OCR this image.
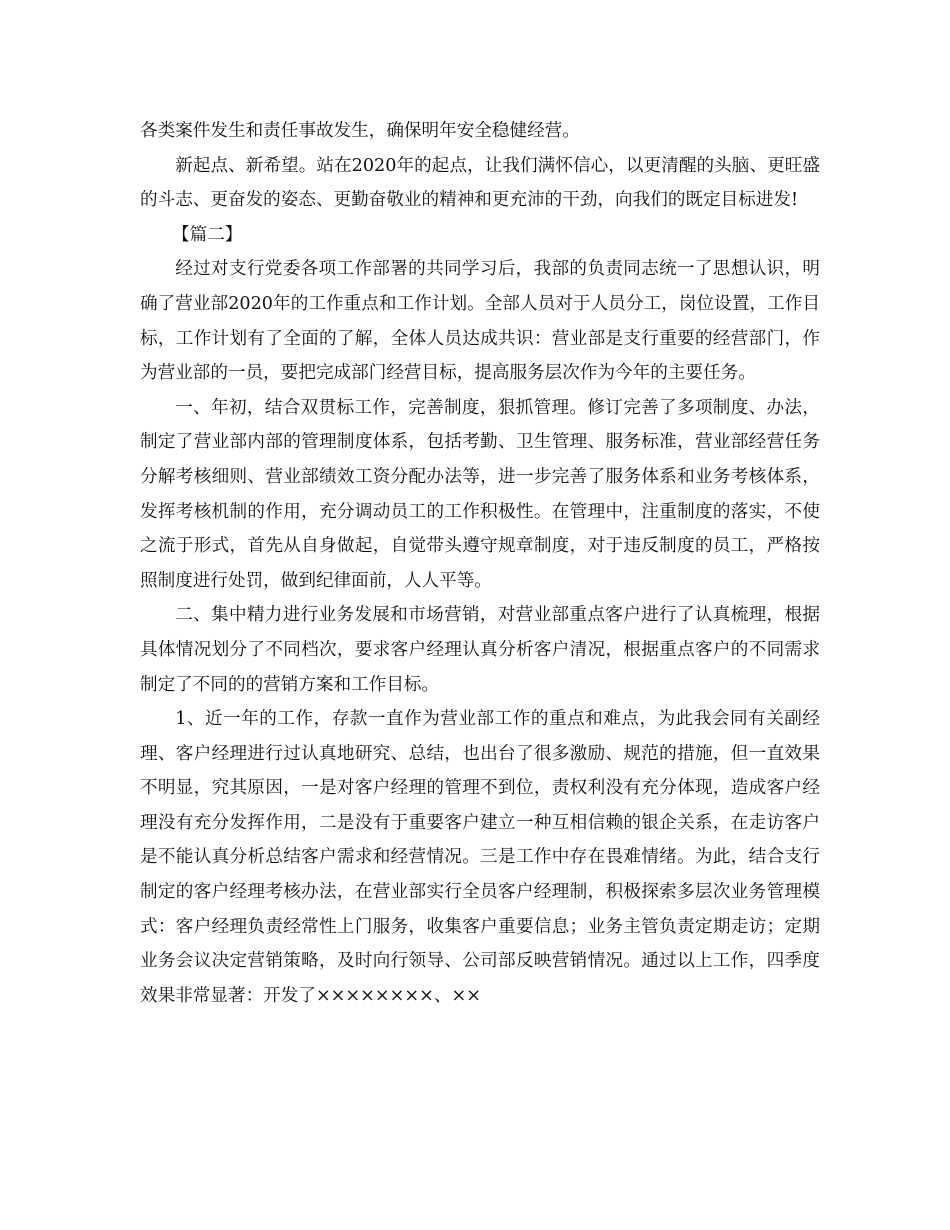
各类案件发生和责任事故发生，确保明年安全稳健经营。

新起点、新希望。站在2020年的起点，让我们满怀信心，以更清醒的头脑、更旺盛的斗志、更奋发的姿态、更勤奋敬业的精神和更充沛的干劲，向我们的既定目标进发!

【篇二】

经过对支行党委各项工作部署的共同学习后，我部的负责同志统一了思想认识，明确了营业部2020年的工作重点和工作计划。全部人员对于人员分工，岗位设置，工作目标，工作计划有了全面的了解，全体人员达成共识：营业部是支行重要的经营部门，作为营业部的一员，要把完成部门经营目标，提高服务层次作为今年的主要任务。

一、年初，结合双贯标工作，完善制度，狠抓管理。修订完善了多项制度、办法，制定了营业部内部的管理制度体系，包括考勤、卫生管理、服务标准，营业部经营任务分解考核细则、营业部绩效工资分配办法等，进一步完善了服务体系和业务考核体系，发挥考核机制的作用，充分调动员工的工作积极性。在管理中，注重制度的落实，不使之流于形式，首先从自身做起，自觉带头遵守规章制度，对于违反制度的员工，严格按照制度进行处罚，做到纪律面前，人人平等。

二、集中精力进行业务发展和市场营销，对营业部重点客户进行了认真梳理，根据具体情况划分了不同档次，要求客户经理认真分析客户清况，根据重点客户的不同需求制定了不同的的营销方案和工作目标。

1、近一年的工作，存款一直作为营业部工作的重点和难点，为此我会同有关副经理、客户经理进行过认真地研究、总结，也出台了很多激励、规范的措施，但一直效果不明显，究其原因，一是对客户经理的管理不到位，责权利没有充分体现，造成客户经理没有充分发挥作用，二是没有于重要客户建立一种互相信赖的银企关系，在走访客户是不能认真分析总结客户需求和经营情况。三是工作中存在畏难情绪。为此，结合支行制定的客户经理考核办法，在营业部实行全员客户经理制，积极探索多层次业务管理模式：客户经理负责经常性上门服务，收集客户重要信息；业务主管负责定期走访；定期业务会议决定营销策略，及时向行领导、公司部反映营销情况。通过以上工作，四季度效果非常显著：开发了××××××××、××
